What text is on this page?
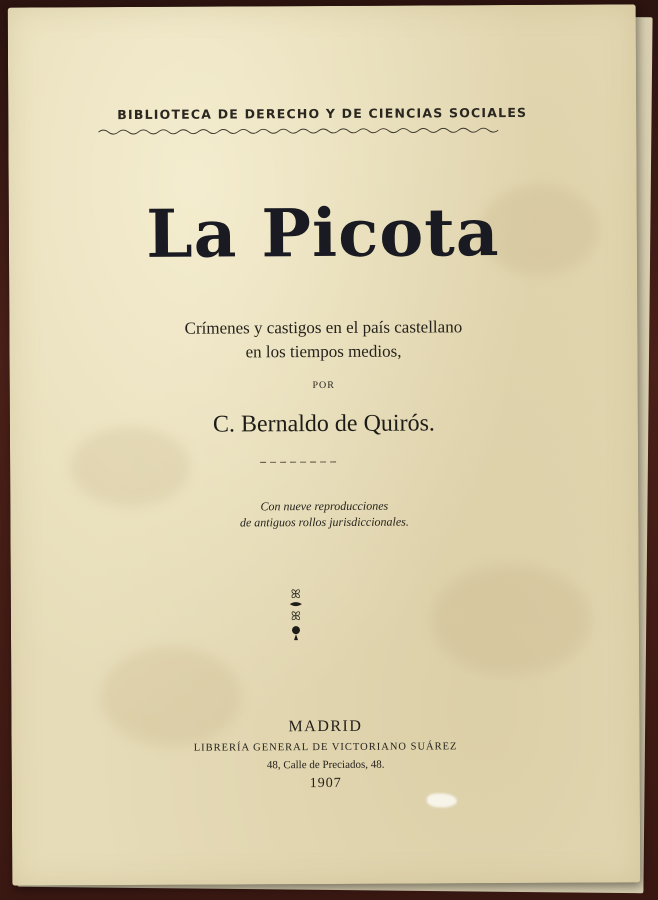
BIBLIOTECA DE DERECHO Y DE CIENCIAS SOCIALES
La Picota
Crímenes y castigos en el país castellano
en los tiempos medios,
POR
C. Bernaldo de Quirós.
Con nueve reproducciones
de antiguos rollos jurisdiccionales.
ꕤ
ꕤ
MADRID
LIBRERÍA GENERAL DE VICTORIANO SUÁREZ
48, Calle de Preciados, 48.
1907
